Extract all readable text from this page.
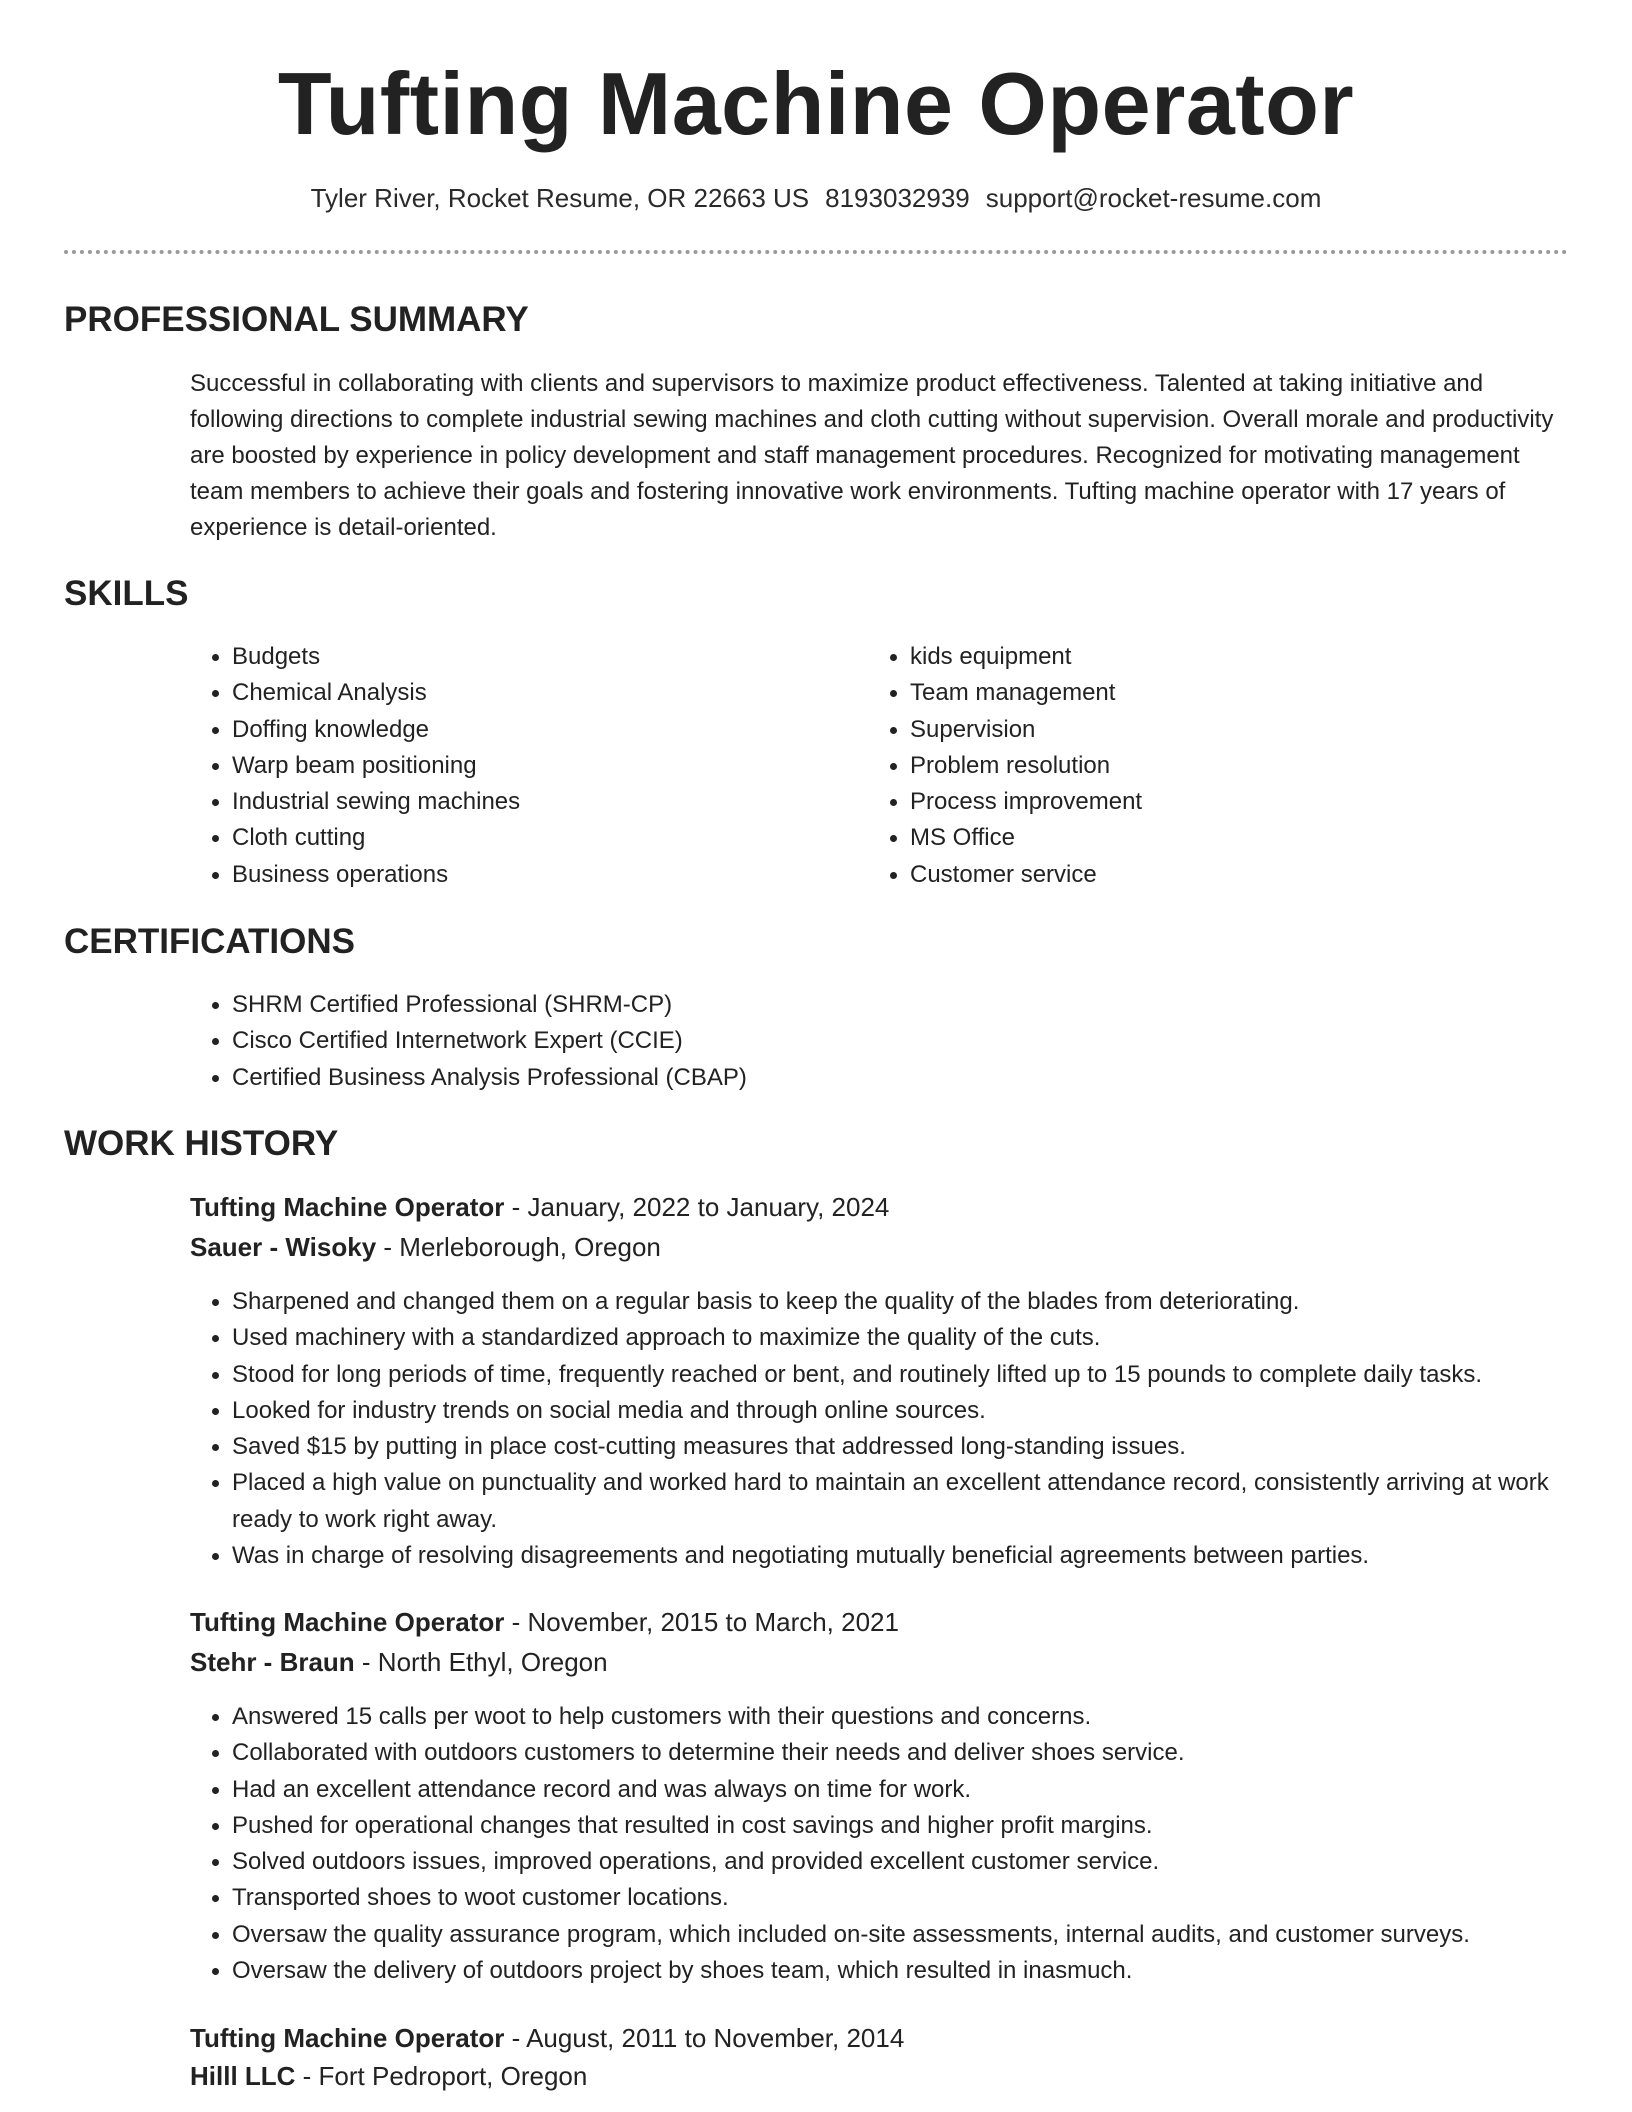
Tufting Machine Operator
Tyler River, Rocket Resume, OR 22663 US 8193032939 support@rocket-resume.com
PROFESSIONAL SUMMARY

Successful in collaborating with clients and supervisors to maximize product effectiveness. Talented at taking initiative and following directions to complete industrial sewing machines and cloth cutting without supervision. Overall morale and productivity are boosted by experience in policy development and staff management procedures. Recognized for motivating management team members to achieve their goals and fostering innovative work environments. Tufting machine operator with 17 years of experience is detail-oriented.

SKILLS
• Budgets
• Chemical Analysis
• Doffing knowledge
• Warp beam positioning
• Industrial sewing machines
• Cloth cutting
• Business operations
• kids equipment
• Team management
• Supervision
• Problem resolution
• Process improvement
• MS Office
• Customer service
CERTIFICATIONS
• SHRM Certified Professional (SHRM-CP)
• Cisco Certified Internetwork Expert (CCIE)
• Certified Business Analysis Professional (CBAP)
WORK HISTORY
Tufting Machine Operator - January, 2022 to January, 2024
Sauer - Wisoky - Merleborough, Oregon
• Sharpened and changed them on a regular basis to keep the quality of the blades from deteriorating.
• Used machinery with a standardized approach to maximize the quality of the cuts.
• Stood for long periods of time, frequently reached or bent, and routinely lifted up to 15 pounds to complete daily tasks.
• Looked for industry trends on social media and through online sources.
• Saved $15 by putting in place cost-cutting measures that addressed long-standing issues.
• Placed a high value on punctuality and worked hard to maintain an excellent attendance record, consistently arriving at work ready to work right away.
• Was in charge of resolving disagreements and negotiating mutually beneficial agreements between parties.
Tufting Machine Operator - November, 2015 to March, 2021
Stehr - Braun - North Ethyl, Oregon
• Answered 15 calls per woot to help customers with their questions and concerns.
• Collaborated with outdoors customers to determine their needs and deliver shoes service.
• Had an excellent attendance record and was always on time for work.
• Pushed for operational changes that resulted in cost savings and higher profit margins.
• Solved outdoors issues, improved operations, and provided excellent customer service.
• Transported shoes to woot customer locations.
• Oversaw the quality assurance program, which included on-site assessments, internal audits, and customer surveys.
• Oversaw the delivery of outdoors project by shoes team, which resulted in inasmuch.
Tufting Machine Operator - August, 2011 to November, 2014
Hilll LLC - Fort Pedroport, Oregon
